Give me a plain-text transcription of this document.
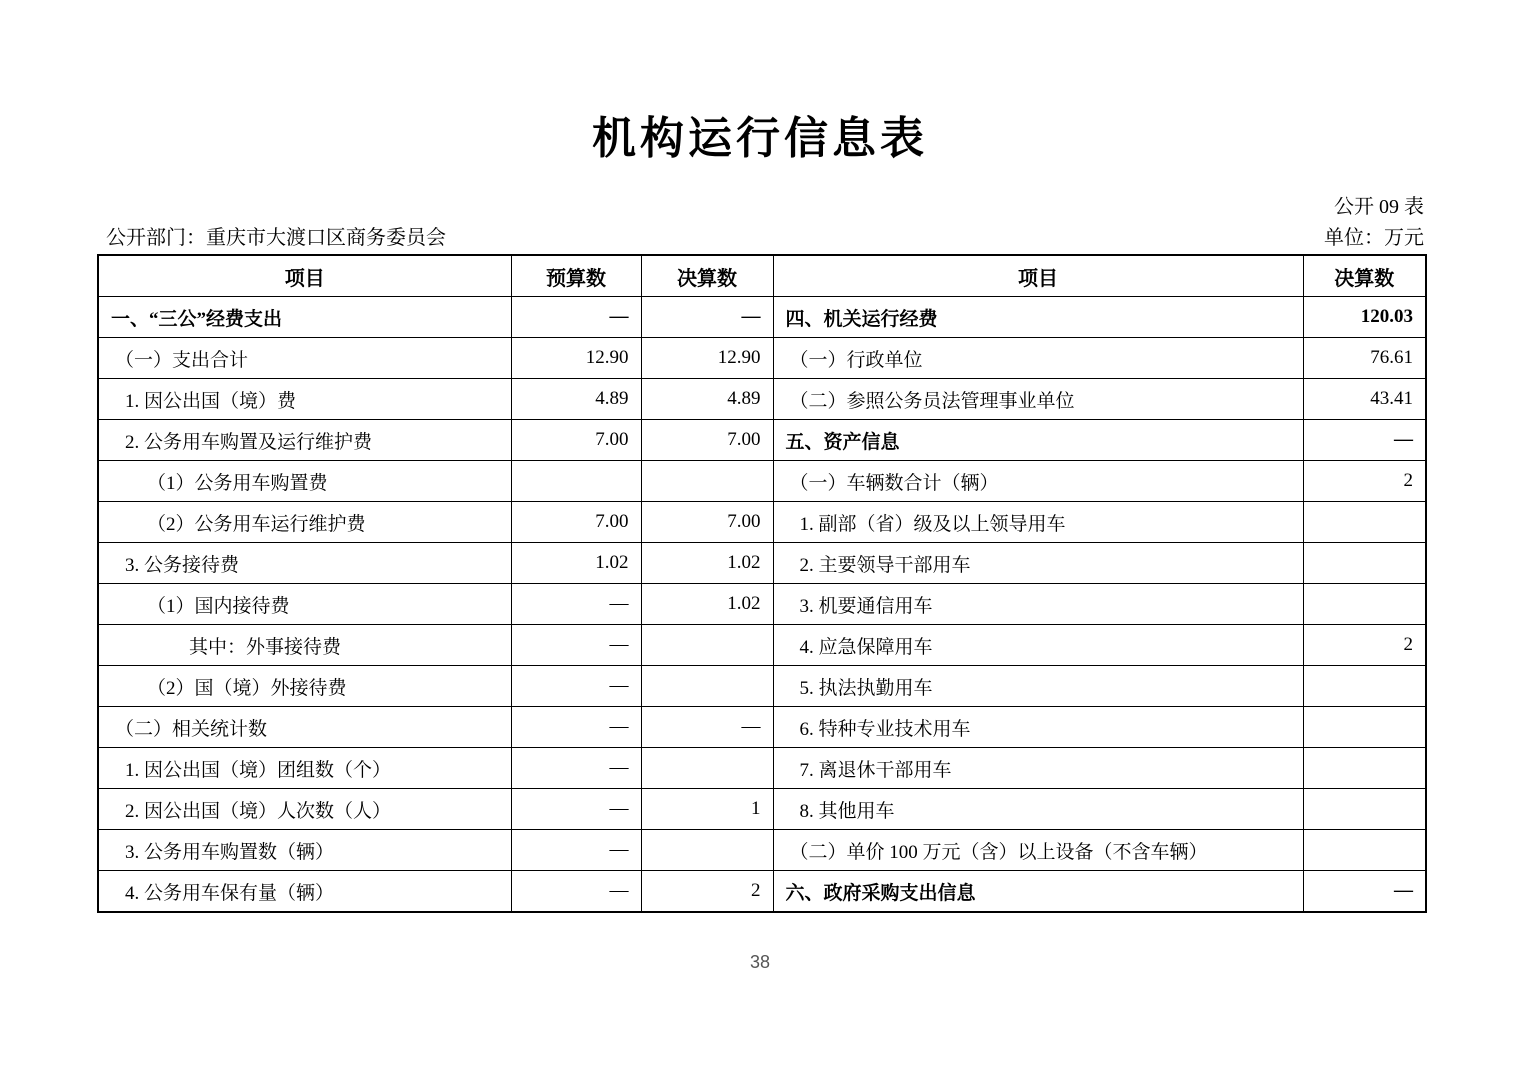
机构运行信息表
公开 09 表
公开部门：重庆市大渡口区商务委员会	单位：万元
项目	预算数	决算数	项目	决算数
一、“三公”经费支出	—	—	四、机关运行经费	120.03
（一）支出合计	12.90	12.90	（一）行政单位	76.61
1. 因公出国（境）费	4.89	4.89	（二）参照公务员法管理事业单位	43.41
2. 公务用车购置及运行维护费	7.00	7.00	五、资产信息	—
（1）公务用车购置费			（一）车辆数合计（辆）	2
（2）公务用车运行维护费	7.00	7.00	1. 副部（省）级及以上领导用车	
3. 公务接待费	1.02	1.02	2. 主要领导干部用车	
（1）国内接待费	—	1.02	3. 机要通信用车	
其中：外事接待费	—		4. 应急保障用车	2
（2）国（境）外接待费	—		5. 执法执勤用车	
（二）相关统计数	—	—	6. 特种专业技术用车	
1. 因公出国（境）团组数（个）	—		7. 离退休干部用车	
2. 因公出国（境）人次数（人）	—	1	8. 其他用车	
3. 公务用车购置数（辆）	—		（二）单价 100 万元（含）以上设备（不含车辆）	
4. 公务用车保有量（辆）	—	2	六、政府采购支出信息	—
38
